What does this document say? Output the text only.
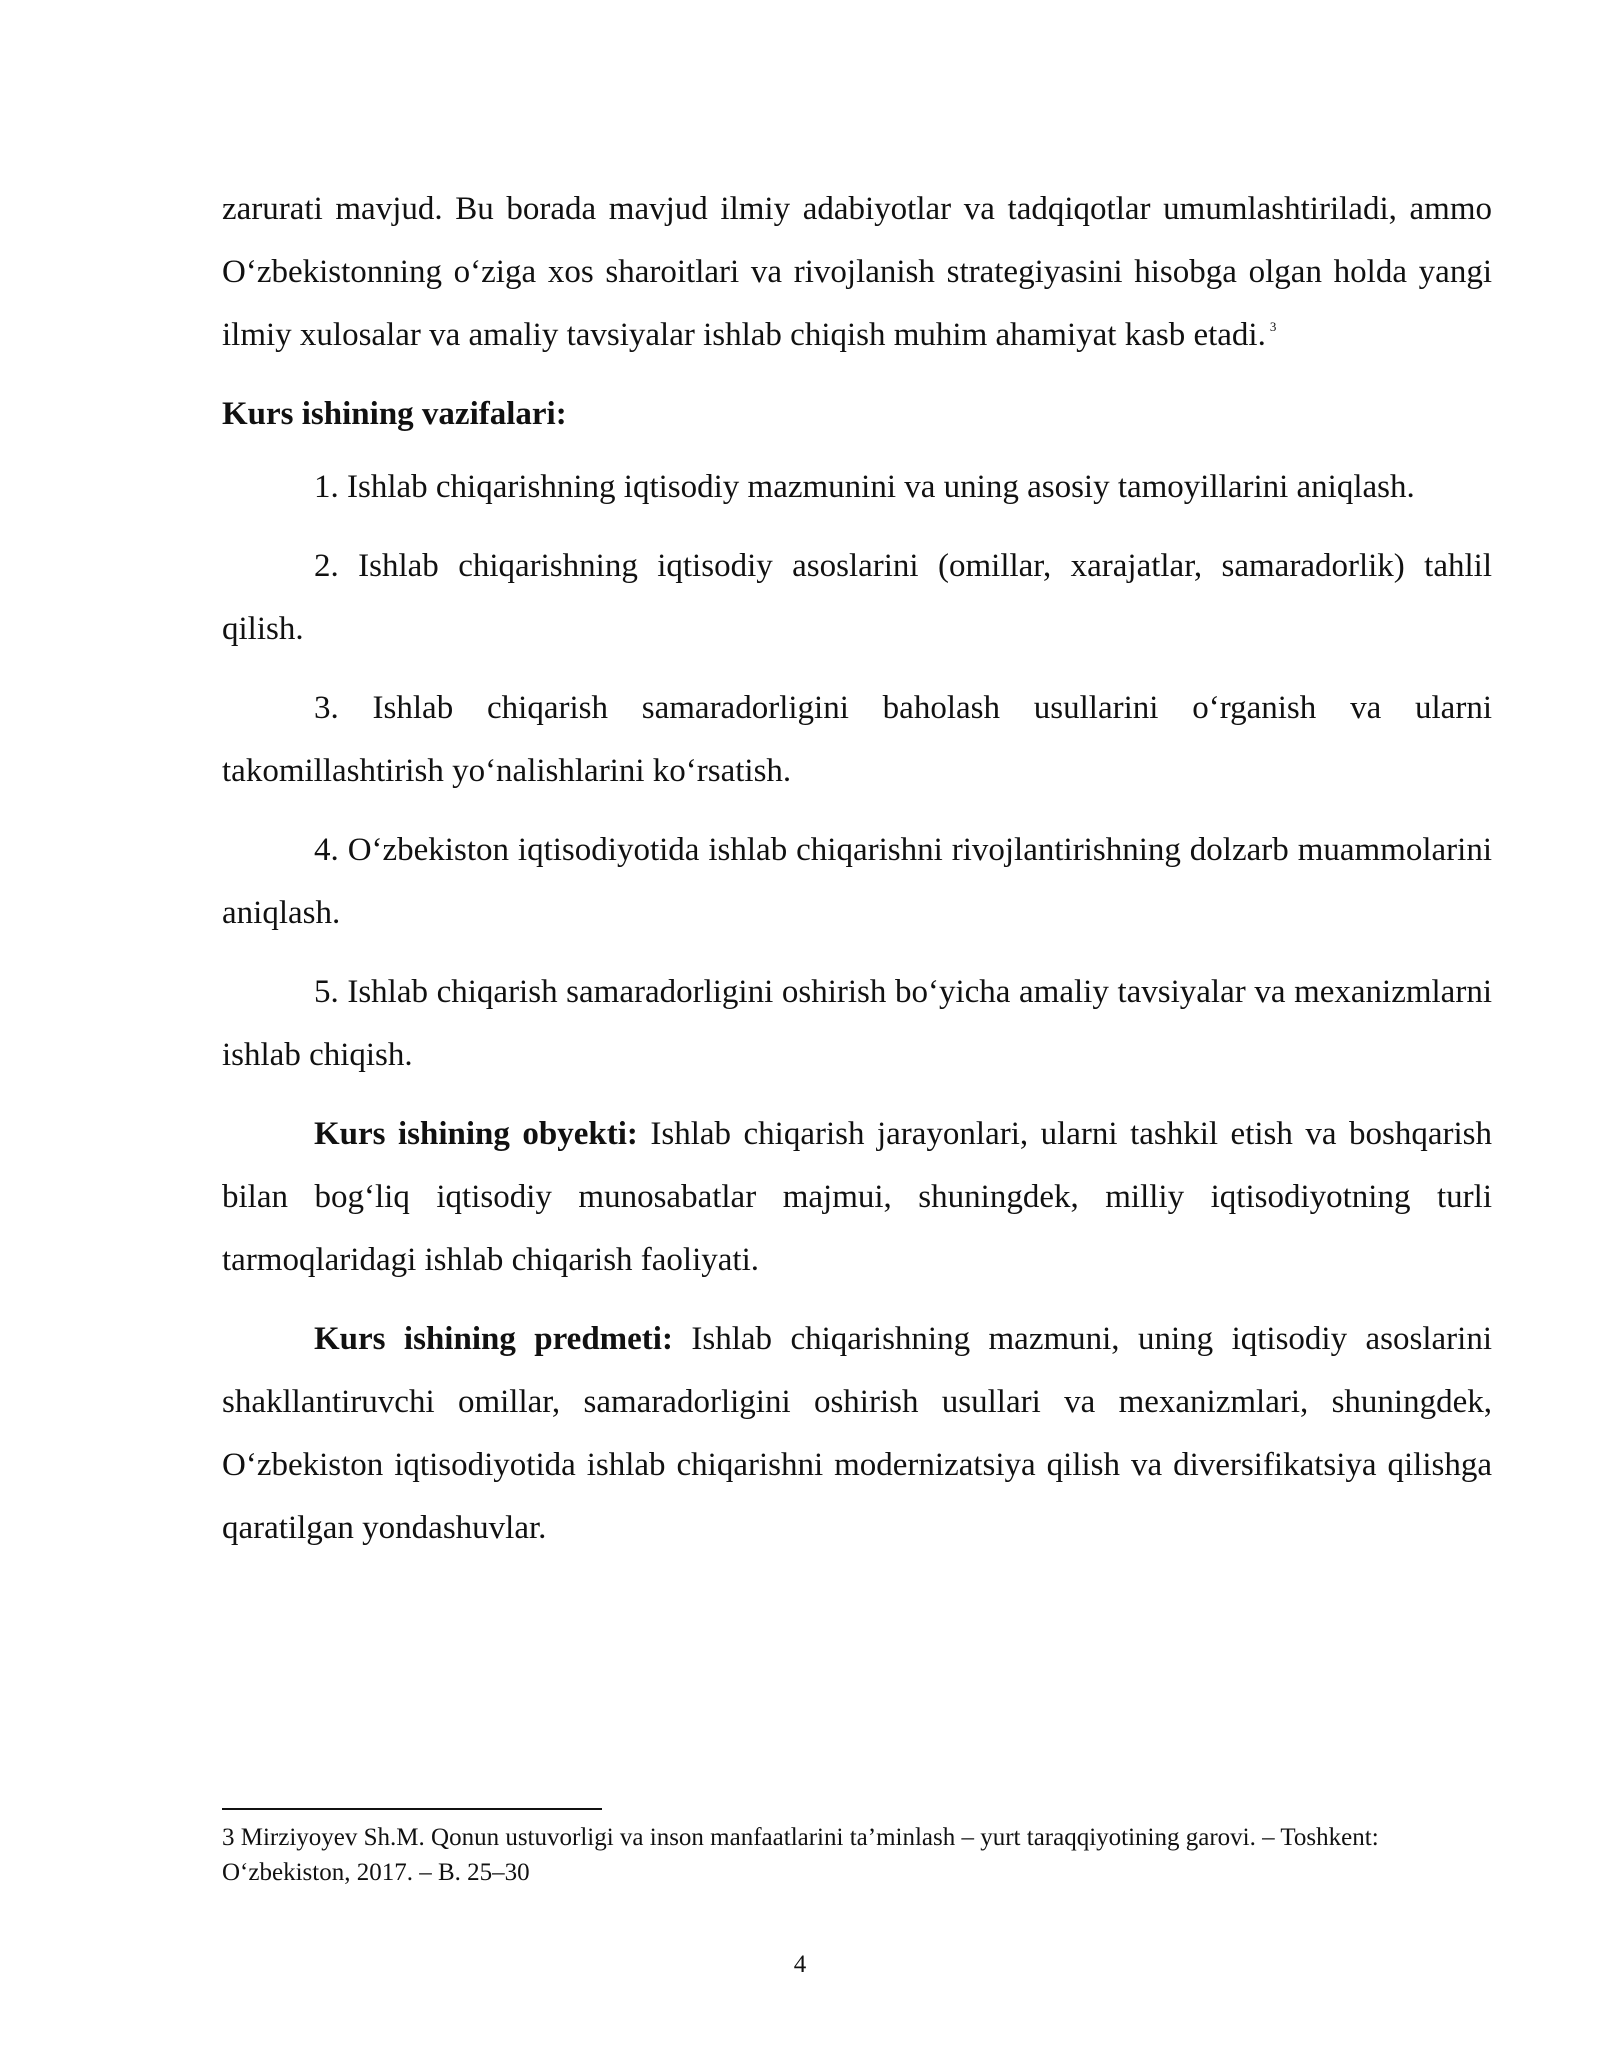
zarurati mavjud. Bu borada mavjud ilmiy adabiyotlar va tadqiqotlar umumlashtiriladi, ammo O‘zbekistonning o‘ziga xos sharoitlari va rivojlanish strategiyasini hisobga olgan holda yangi ilmiy xulosalar va amaliy tavsiyalar ishlab chiqish muhim ahamiyat kasb etadi. $^3$

Kurs ishining vazifalari:

1. Ishlab chiqarishning iqtisodiy mazmunini va uning asosiy tamoyillarini aniqlash.

2. Ishlab chiqarishning iqtisodiy asoslarini (omillar, xarajatlar, samaradorlik) tahlil qilish.

3. Ishlab chiqarish samaradorligini baholash usullarini o‘rganish va ularni takomillashtirish yo‘nalishlarini ko‘rsatish.

4. O‘zbekiston iqtisodiyotida ishlab chiqarishni rivojlantirishning dolzarb muammolarini aniqlash.

5. Ishlab chiqarish samaradorligini oshirish bo‘yicha amaliy tavsiyalar va mexanizmlarni ishlab chiqish.

Kurs ishining obyekti: Ishlab chiqarish jarayonlari, ularni tashkil etish va boshqarish bilan bog‘liq iqtisodiy munosabatlar majmui, shuningdek, milliy iqtisodiyotning turli tarmoqlaridagi ishlab chiqarish faoliyati.

Kurs ishining predmeti: Ishlab chiqarishning mazmuni, uning iqtisodiy asoslarini shakllantiruvchi omillar, samaradorligini oshirish usullari va mexanizmlari, shuningdek, O‘zbekiston iqtisodiyotida ishlab chiqarishni modernizatsiya qilish va diversifikatsiya qilishga qaratilgan yondashuvlar.

3 Mirziyoyev Sh.M. Qonun ustuvorligi va inson manfaatlarini ta’minlash – yurt taraqqiyotining garovi. – Toshkent: O‘zbekiston, 2017. – B. 25–30
4
